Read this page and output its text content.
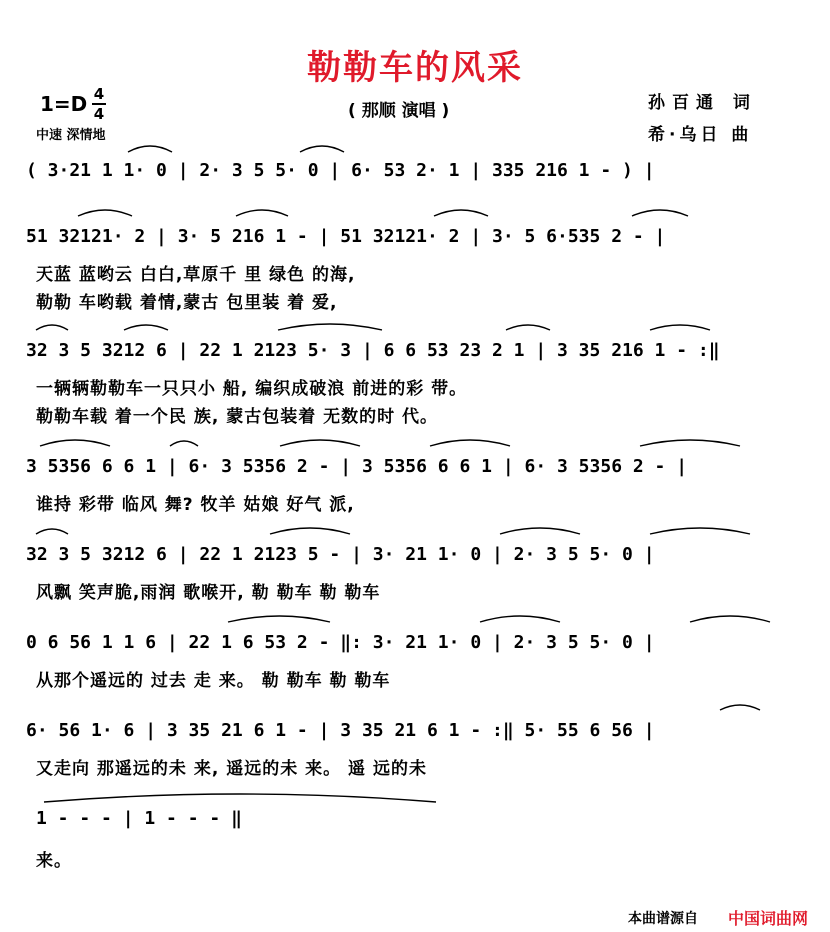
勒勒车的风采
1=D 4
4
中速 深情地
( 那顺 演唱 )	孙百通 词
希·乌日 曲
( 3·21 1 1· 0 | 2· 3 5 5· 0 | 6· 53 2· 1 | 335 216 1 - ) |
51 32121· 2 | 3· 5 216 1 - | 51 32121· 2 | 3· 5 6·535 2 - |
天蓝 蓝哟云 白白,草原千 里 绿色 的海,
勒勒 车哟载 着情,蒙古 包里装 着 爱,
32 3 5 3212 6 | 22 1 2123 5· 3 | 6 6 53 23 2 1 | 3 35 216 1 - :‖
一辆辆勒勒车一只只小 船, 编织成破浪 前进的彩 带。
勒勒车载 着一个民 族, 蒙古包装着 无数的时 代。
3 5356 6 6 1 | 6· 3 5356 2 - | 3 5356 6 6 1 | 6· 3 5356 2 - |
谁持 彩带 临风 舞? 牧羊 姑娘 好气 派,
32 3 5 3212 6 | 22 1 2123 5 - | 3· 21 1· 0 | 2· 3 5 5· 0 |
风飘 笑声脆,雨润 歌喉开, 勒 勒车 勒 勒车
0 6 56 1 1 6 | 22 1 6 53 2 - ‖: 3· 21 1· 0 | 2· 3 5 5· 0 |
从那个遥远的 过去 走 来。 勒 勒车 勒 勒车
6· 56 1· 6 | 3 35 21 6 1 - | 3 35 21 6 1 - :‖ 5· 55 6 56 |
又走向 那遥远的未 来, 遥远的未 来。 遥 远的未
1 - - - | 1 - - - ‖
来。
本曲谱源自 中国词曲网
